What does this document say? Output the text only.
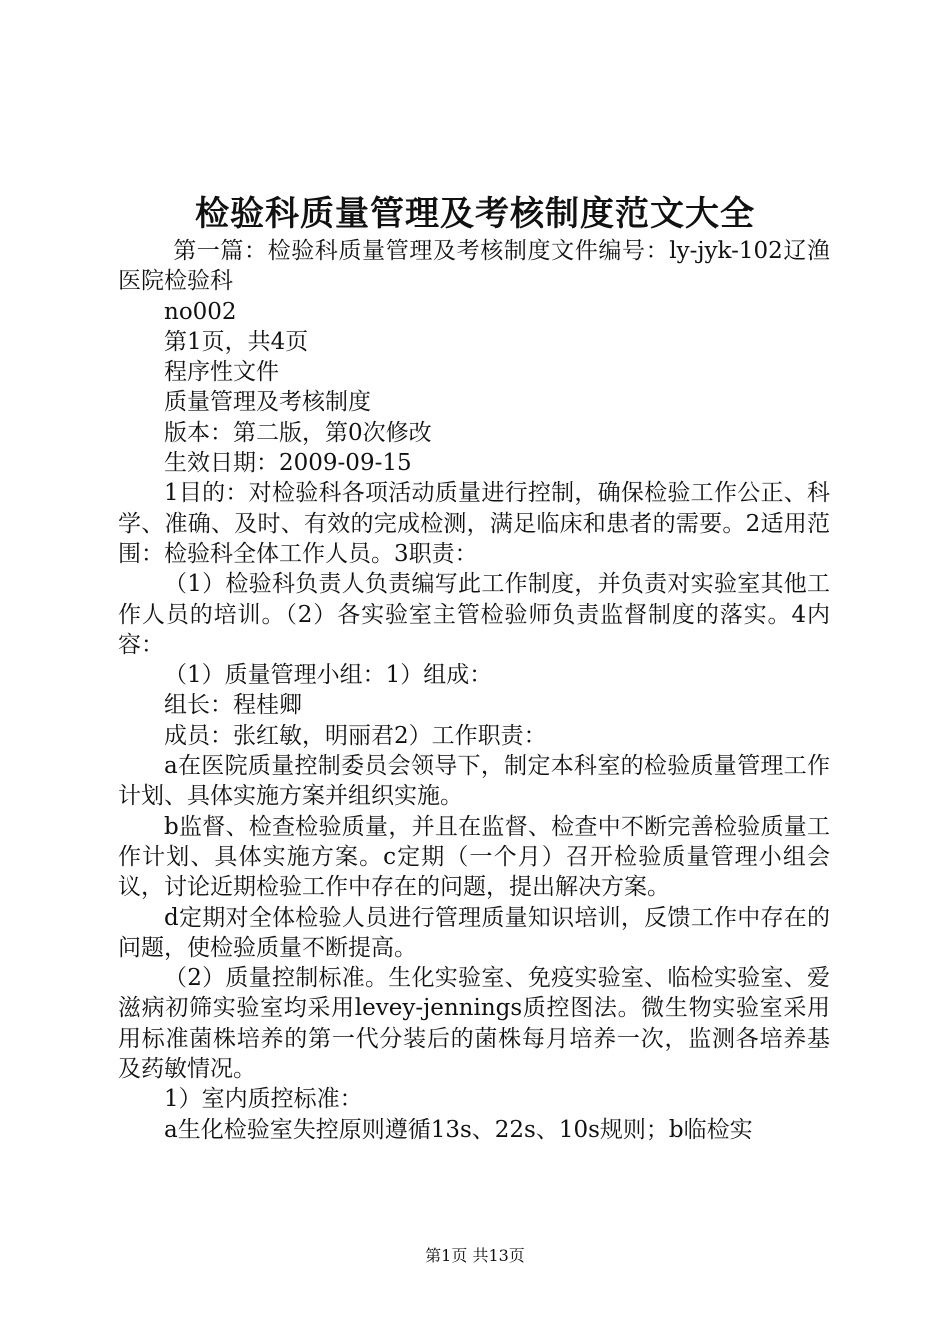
检验科质量管理及考核制度范文大全

第一篇：检验科质量管理及考核制度文件编号：ly-jyk-102辽渔医院检验科

no002

第1页，共4页

程序性文件

质量管理及考核制度

版本：第二版，第0次修改

生效日期：2009-09-15

1目的：对检验科各项活动质量进行控制，确保检验工作公正、科学、准确、及时、有效的完成检测，满足临床和患者的需要。2适用范围：检验科全体工作人员。3职责：

（1）检验科负责人负责编写此工作制度，并负责对实验室其他工作人员的培训。（2）各实验室主管检验师负责监督制度的落实。4内容：

（1）质量管理小组：1）组成：

组长：程桂卿

成员：张红敏，明丽君2）工作职责：

a在医院质量控制委员会领导下，制定本科室的检验质量管理工作计划、具体实施方案并组织实施。

b监督、检查检验质量，并且在监督、检查中不断完善检验质量工作计划、具体实施方案。c定期（一个月）召开检验质量管理小组会议，讨论近期检验工作中存在的问题，提出解决方案。

d定期对全体检验人员进行管理质量知识培训，反馈工作中存在的问题，使检验质量不断提高。

（2）质量控制标准。生化实验室、免疫实验室、临检实验室、爱滋病初筛实验室均采用levey-jennings质控图法。微生物实验室采用用标准菌株培养的第一代分装后的菌株每月培养一次，监测各培养基及药敏情况。

1）室内质控标准：

a生化检验室失控原则遵循13s、22s、10s规则；b临检实

第1页 共13页
